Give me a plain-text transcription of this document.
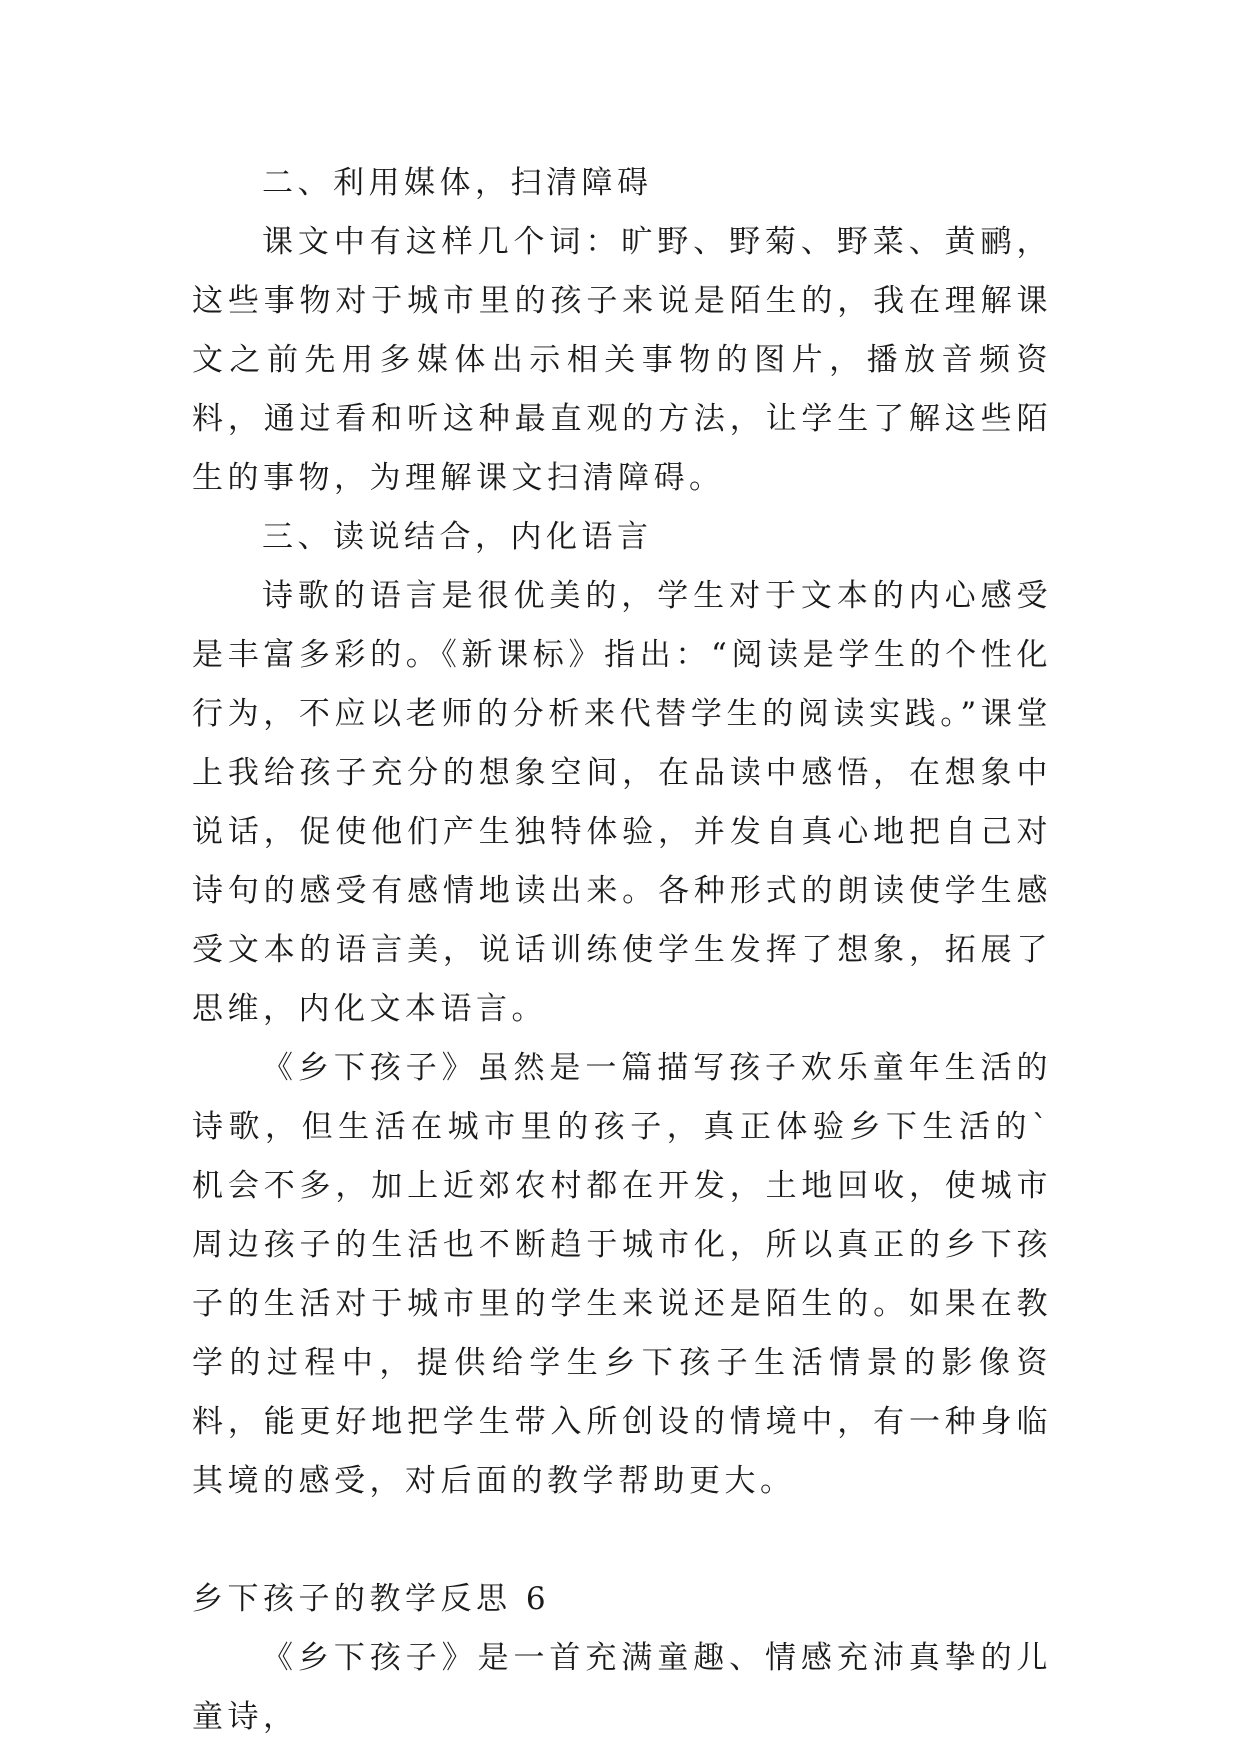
二、利用媒体，扫清障碍

课文中有这样几个词：旷野、野菊、野菜、黄鹂，这些事物对于城市里的孩子来说是陌生的，我在理解课文之前先用多媒体出示相关事物的图片，播放音频资料，通过看和听这种最直观的方法，让学生了解这些陌生的事物，为理解课文扫清障碍。

三、读说结合，内化语言

诗歌的语言是很优美的，学生对于文本的内心感受是丰富多彩的。《新课标》指出：“阅读是学生的个性化行为，不应以老师的分析来代替学生的阅读实践。”课堂上我给孩子充分的想象空间，在品读中感悟，在想象中说话，促使他们产生独特体验，并发自真心地把自己对诗句的感受有感情地读出来。各种形式的朗读使学生感受文本的语言美，说话训练使学生发挥了想象，拓展了思维，内化文本语言。

《乡下孩子》虽然是一篇描写孩子欢乐童年生活的诗歌，但生活在城市里的孩子，真正体验乡下生活的`机会不多，加上近郊农村都在开发，土地回收，使城市周边孩子的生活也不断趋于城市化，所以真正的乡下孩子的生活对于城市里的学生来说还是陌生的。如果在教学的过程中，提供给学生乡下孩子生活情景的影像资料，能更好地把学生带入所创设的情境中，有一种身临其境的感受，对后面的教学帮助更大。

乡下孩子的教学反思 6

《乡下孩子》是一首充满童趣、情感充沛真挚的儿童诗，
